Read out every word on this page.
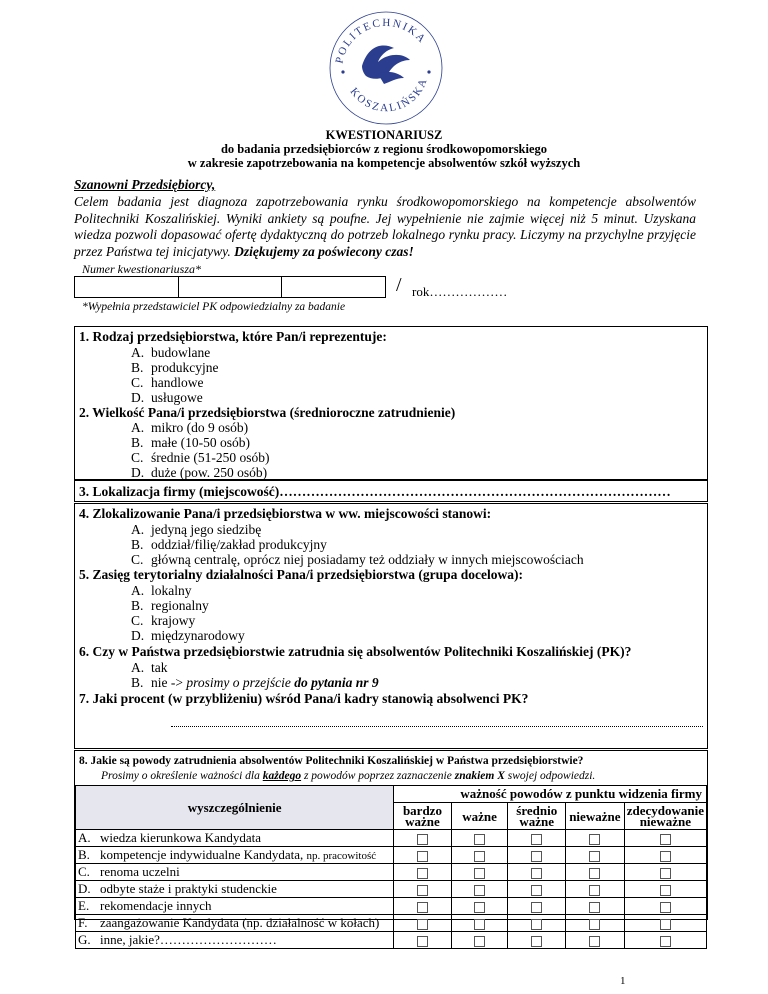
POLITECHNIKA
KOSZALIŃSKA
KWESTIONARIUSZ
do badania przedsiębiorców z regionu środkowopomorskiego
w zakresie zapotrzebowania na kompetencje absolwentów szkół wyższych
Szanowni Przedsiębiorcy,
Celem badania jest diagnoza zapotrzebowania rynku środkowopomorskiego na kompetencje absolwentów Politechniki Koszalińskiej. Wyniki ankiety są poufne. Jej wypełnienie nie zajmie więcej niż 5 minut. Uzyskana wiedza pozwoli dopasować ofertę dydaktyczną do potrzeb lokalnego rynku pracy. Liczymy na przychylne przyjęcie przez Państwa tej inicjatywy. Dziękujemy za poświecony czas!
Numer kwestionariusza*
/ rok………………
*Wypełnia przedstawiciel PK odpowiedzialny za badanie
1. Rodzaj przedsiębiorstwa, które Pan/i reprezentuje:
A. budowlane
B. produkcyjne
C. handlowe
D. usługowe
2. Wielkość Pana/i przedsiębiorstwa (średnioroczne zatrudnienie)
A. mikro (do 9 osób)
B. małe (10-50 osób)
C. średnie (51-250 osób)
D. duże (pow. 250 osób)
3. Lokalizacja firmy (miejscowość)……………………………………………………………………………
4. Zlokalizowanie Pana/i przedsiębiorstwa w ww. miejscowości stanowi:
A. jedyną jego siedzibę
B. oddział/filię/zakład produkcyjny
C. główną centralę, oprócz niej posiadamy też oddziały w innych miejscowościach
5. Zasięg terytorialny działalności Pana/i przedsiębiorstwa (grupa docelowa):
A. lokalny
B. regionalny
C. krajowy
D. międzynarodowy
6. Czy w Państwa przedsiębiorstwie zatrudnia się absolwentów Politechniki Koszalińskiej (PK)?
A. tak
B. nie -> prosimy o przejście do pytania nr 9
7. Jaki procent (w przybliżeniu) wśród Pana/i kadry stanowią absolwenci PK?
8. Jakie są powody zatrudnienia absolwentów Politechniki Koszalińskiej w Państwa przedsiębiorstwie?
Prosimy o określenie ważności dla każdego z powodów poprzez zaznaczenie znakiem X swojej odpowiedzi.
wyszczególnienie	ważność powodów z punktu widzenia firmy				
	bardzo ważne	ważne	średnio ważne	nieważne	zdecydowanie nieważne
A. wiedza kierunkowa Kandydata					
B. kompetencje indywidualne Kandydata, np. pracowitość					
C. renoma uczelni					
D. odbyte staże i praktyki studenckie					
E. rekomendacje innych					
F. zaangażowanie Kandydata (np. działalność w kołach)					
G. inne, jakie?………………………					
1
